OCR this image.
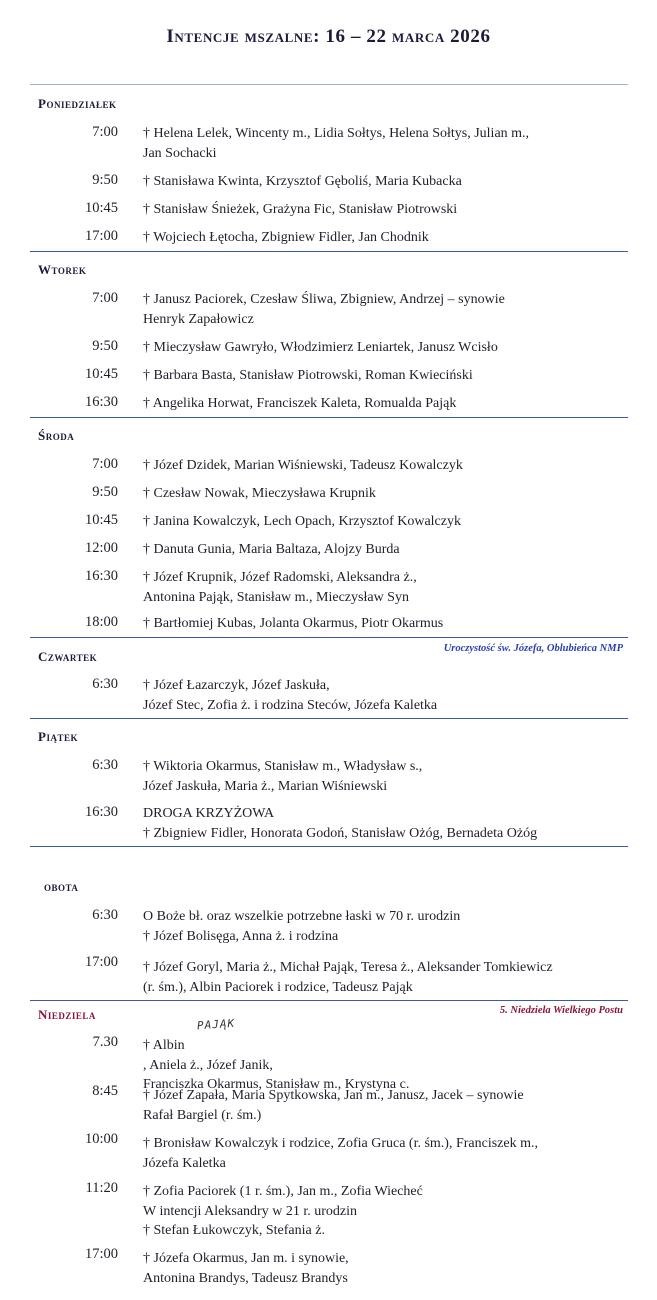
Intencje mszalne: 16 – 22 marca 2026
Poniedziałek
7:00 † Helena Lelek, Wincenty m., Lidia Sołtys, Helena Sołtys, Julian m.,
Jan Sochacki
9:50 † Stanisława Kwinta, Krzysztof Gęboliś, Maria Kubacka
10:45 † Stanisław Śnieżek, Grażyna Fic, Stanisław Piotrowski
17:00 † Wojciech Łętocha, Zbigniew Fidler, Jan Chodnik
Wtorek
7:00 † Janusz Paciorek, Czesław Śliwa, Zbigniew, Andrzej – synowie
Henryk Zapałowicz
9:50 † Mieczysław Gawryło, Włodzimierz Leniartek, Janusz Wcisło
10:45 † Barbara Basta, Stanisław Piotrowski, Roman Kwieciński
16:30 † Angelika Horwat, Franciszek Kaleta, Romualda Pająk
Środa
7:00 † Józef Dzidek, Marian Wiśniewski, Tadeusz Kowalczyk
9:50 † Czesław Nowak, Mieczysława Krupnik
10:45 † Janina Kowalczyk, Lech Opach, Krzysztof Kowalczyk
12:00 † Danuta Gunia, Maria Baltaza, Alojzy Burda
16:30 † Józef Krupnik, Józef Radomski, Aleksandra ż.,
Antonina Pająk, Stanisław m., Mieczysław Syn
18:00 † Bartłomiej Kubas, Jolanta Okarmus, Piotr Okarmus
Czwartek
Uroczystość św. Józefa, Oblubieńca NMP
6:30 † Józef Łazarczyk, Józef Jaskuła,
Józef Stec, Zofia ż. i rodzina Steców, Józefa Kaletka
Piątek
6:30 † Wiktoria Okarmus, Stanisław m., Władysław s.,
Józef Jaskuła, Maria ż., Marian Wiśniewski
16:30 DROGA KRZYŻOWA
† Zbigniew Fidler, Honorata Godoń, Stanisław Ożóg, Bernadeta Ożóg
obota
6:30 O Boże bł. oraz wszelkie potrzebne łaski w 70 r. urodzin
† Józef Bolisęga, Anna ż. i rodzina
17:00 † Józef Goryl, Maria ż., Michał Pająk, Teresa ż., Aleksander Tomkiewicz
(r. śm.), Albin Paciorek i rodzice, Tadeusz Pająk
Niedziela	5. Niedziela Wielkiego Postu
PAJĄK
7.30 † Albin
, Aniela ż., Józef Janik,
Franciszka Okarmus, Stanisław m., Krystyna c.
8:45 † Józef Zapała, Maria Spytkowska, Jan m., Janusz, Jacek – synowie
Rafał Bargiel (r. śm.)
10:00 † Bronisław Kowalczyk i rodzice, Zofia Gruca (r. śm.), Franciszek m.,
Józefa Kaletka
11:20 † Zofia Paciorek (1 r. śm.), Jan m., Zofia Wiecheć
W intencji Aleksandry w 21 r. urodzin
† Stefan Łukowczyk, Stefania ż.
17:00 † Józefa Okarmus, Jan m. i synowie,
Antonina Brandys, Tadeusz Brandys
